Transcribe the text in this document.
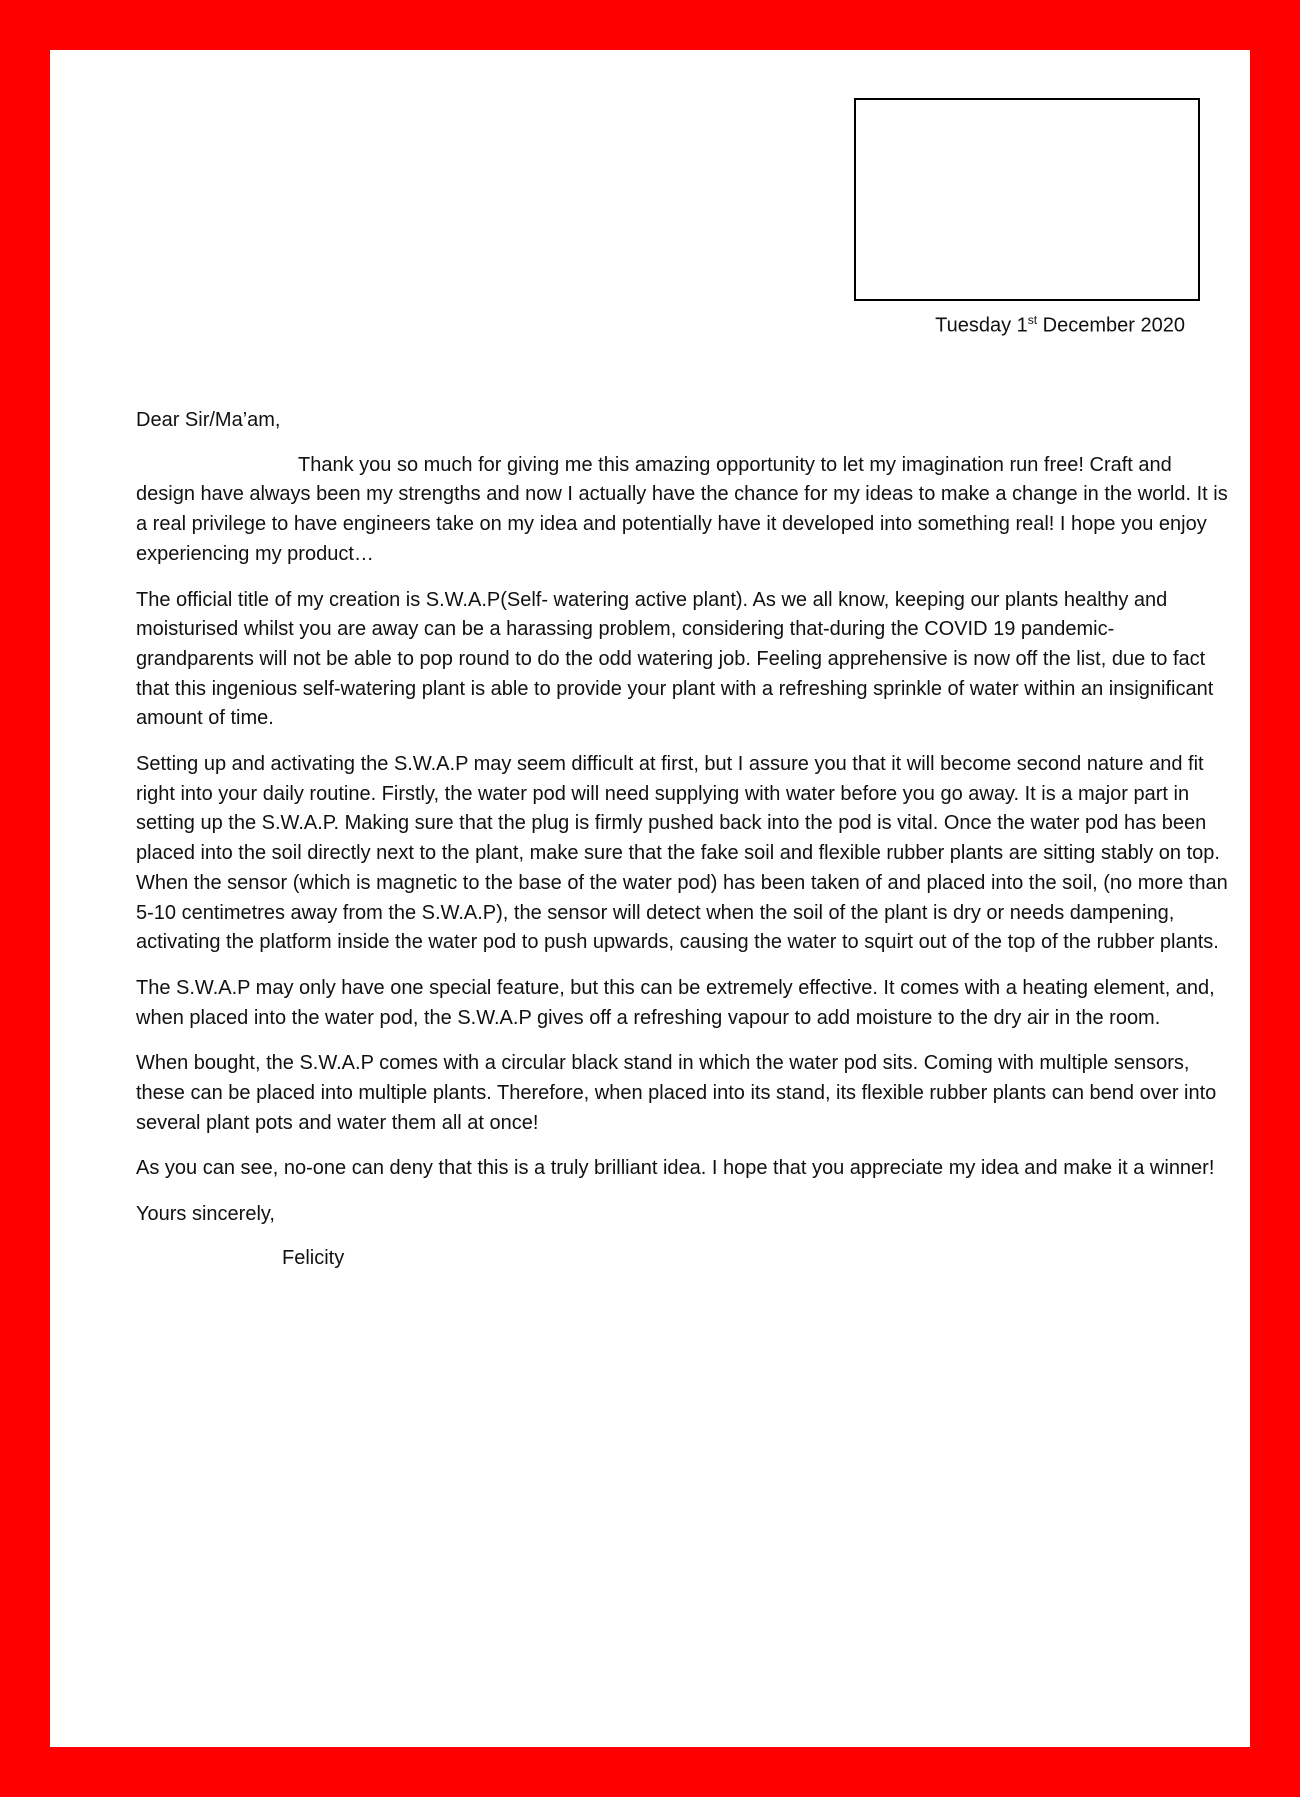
Tuesday 1st December 2020

Dear Sir/Ma’am,

Thank you so much for giving me this amazing opportunity to let my imagination run free! Craft and design have always been my strengths and now I actually have the chance for my ideas to make a change in the world. It is a real privilege to have engineers take on my idea and potentially have it developed into something real! I hope you enjoy experiencing my product…

The official title of my creation is S.W.A.P(Self- watering active plant). As we all know, keeping our plants healthy and moisturised whilst you are away can be a harassing problem, considering that-during the COVID 19 pandemic- grandparents will not be able to pop round to do the odd watering job. Feeling apprehensive is now off the list, due to fact that this ingenious self-watering plant is able to provide your plant with a refreshing sprinkle of water within an insignificant amount of time.

Setting up and activating the S.W.A.P may seem difficult at first, but I assure you that it will become second nature and fit right into your daily routine. Firstly, the water pod will need supplying with water before you go away. It is a major part in setting up the S.W.A.P. Making sure that the plug is firmly pushed back into the pod is vital. Once the water pod has been placed into the soil directly next to the plant, make sure that the fake soil and flexible rubber plants are sitting stably on top. When the sensor (which is magnetic to the base of the water pod) has been taken of and placed into the soil, (no more than 5-10 centimetres away from the S.W.A.P), the sensor will detect when the soil of the plant is dry or needs dampening, activating the platform inside the water pod to push upwards, causing the water to squirt out of the top of the rubber plants.

The S.W.A.P may only have one special feature, but this can be extremely effective. It comes with a heating element, and, when placed into the water pod, the S.W.A.P gives off a refreshing vapour to add moisture to the dry air in the room.

When bought, the S.W.A.P comes with a circular black stand in which the water pod sits. Coming with multiple sensors, these can be placed into multiple plants. Therefore, when placed into its stand, its flexible rubber plants can bend over into several plant pots and water them all at once!

As you can see, no-one can deny that this is a truly brilliant idea. I hope that you appreciate my idea and make it a winner!

Yours sincerely,

Felicity
